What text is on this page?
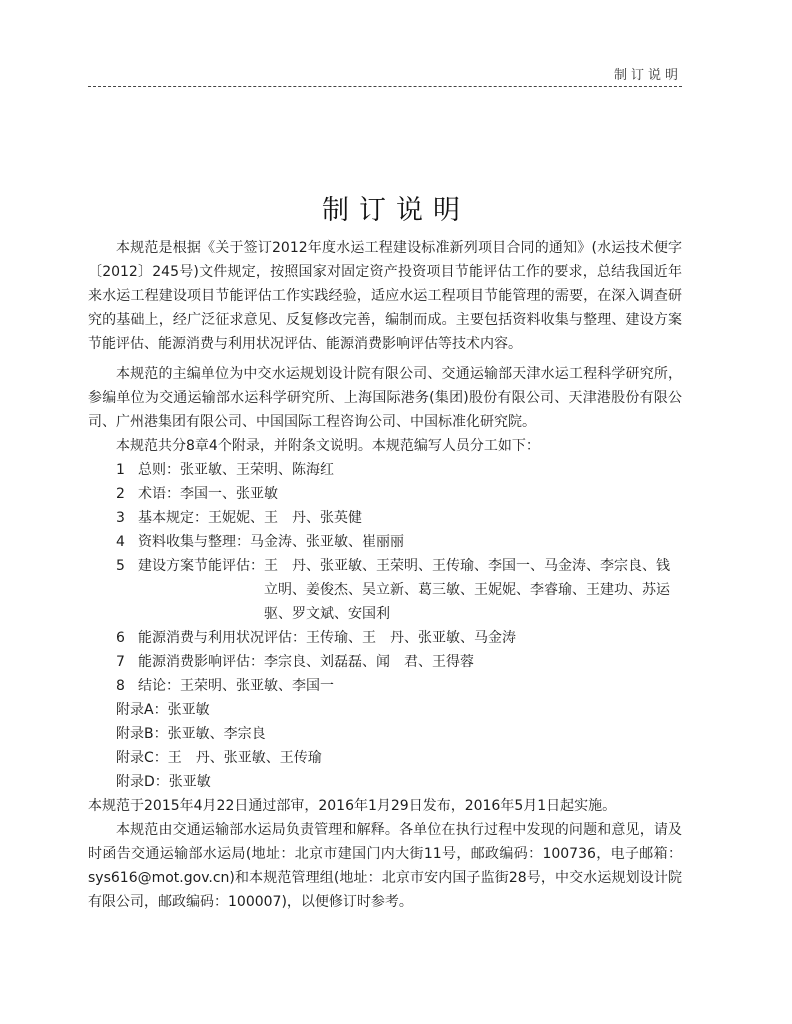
制订说明
制订说明

本规范是根据《关于签订2012年度水运工程建设标准新列项目合同的通知》(水运技术便字〔2012〕245号)文件规定，按照国家对固定资产投资项目节能评估工作的要求，总结我国近年来水运工程建设项目节能评估工作实践经验，适应水运工程项目节能管理的需要，在深入调查研究的基础上，经广泛征求意见、反复修改完善，编制而成。主要包括资料收集与整理、建设方案节能评估、能源消费与利用状况评估、能源消费影响评估等技术内容。

本规范的主编单位为中交水运规划设计院有限公司、交通运输部天津水运工程科学研究所，参编单位为交通运输部水运科学研究所、上海国际港务(集团)股份有限公司、天津港股份有限公司、广州港集团有限公司、中国国际工程咨询公司、中国标准化研究院。

本规范共分8章4个附录，并附条文说明。本规范编写人员分工如下：

1 总则： 张亚敏、王荣明、陈海红
2 术语： 李国一、张亚敏
3 基本规定： 王妮妮、王　丹、张英健
4 资料收集与整理： 马金涛、张亚敏、崔丽丽
5 建设方案节能评估： 王　丹、张亚敏、王荣明、王传瑜、李国一、马金涛、李宗良、钱立明、姜俊杰、吴立新、葛三敏、王妮妮、李睿瑜、王建功、苏运驱、罗文斌、安国利
6 能源消费与利用状况评估： 王传瑜、王　丹、张亚敏、马金涛
7 能源消费影响评估： 李宗良、刘磊磊、闻　君、王得蓉
8 结论： 王荣明、张亚敏、李国一
附录A：张亚敏
附录B：张亚敏、李宗良
附录C：王　丹、张亚敏、王传瑜
附录D：张亚敏

本规范于2015年4月22日通过部审，2016年1月29日发布，2016年5月1日起实施。

本规范由交通运输部水运局负责管理和解释。各单位在执行过程中发现的问题和意见，请及时函告交通运输部水运局(地址：北京市建国门内大街11号，邮政编码：100736，电子邮箱：sys616@mot.gov.cn)和本规范管理组(地址：北京市安内国子监街28号，中交水运规划设计院有限公司，邮政编码：100007)，以便修订时参考。
